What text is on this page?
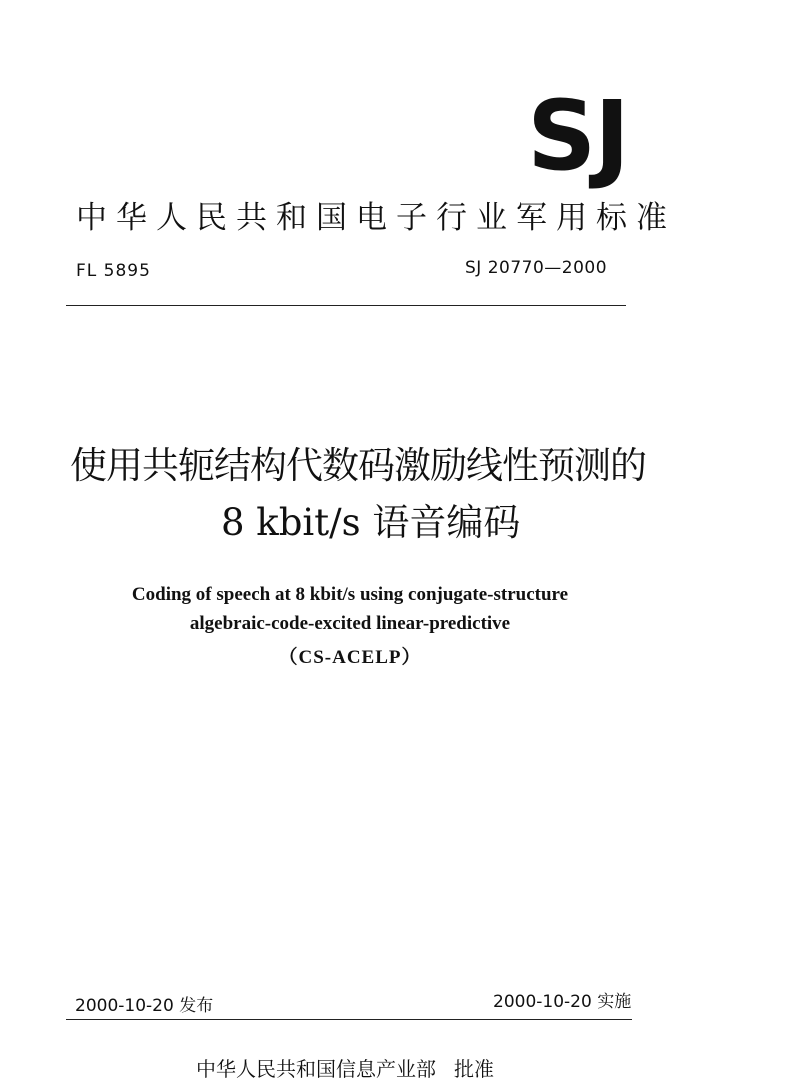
SJ
中华人民共和国电子行业军用标准
FL 5895	SJ 20770—2000
使用共轭结构代数码激励线性预测的
8 kbit/s 语音编码
Coding of speech at 8 kbit/s using conjugate-structure
algebraic-code-excited linear-predictive
（CS-ACELP）
2000-10-20 发布	2000-10-20 实施
中华人民共和国信息产业部 批准
